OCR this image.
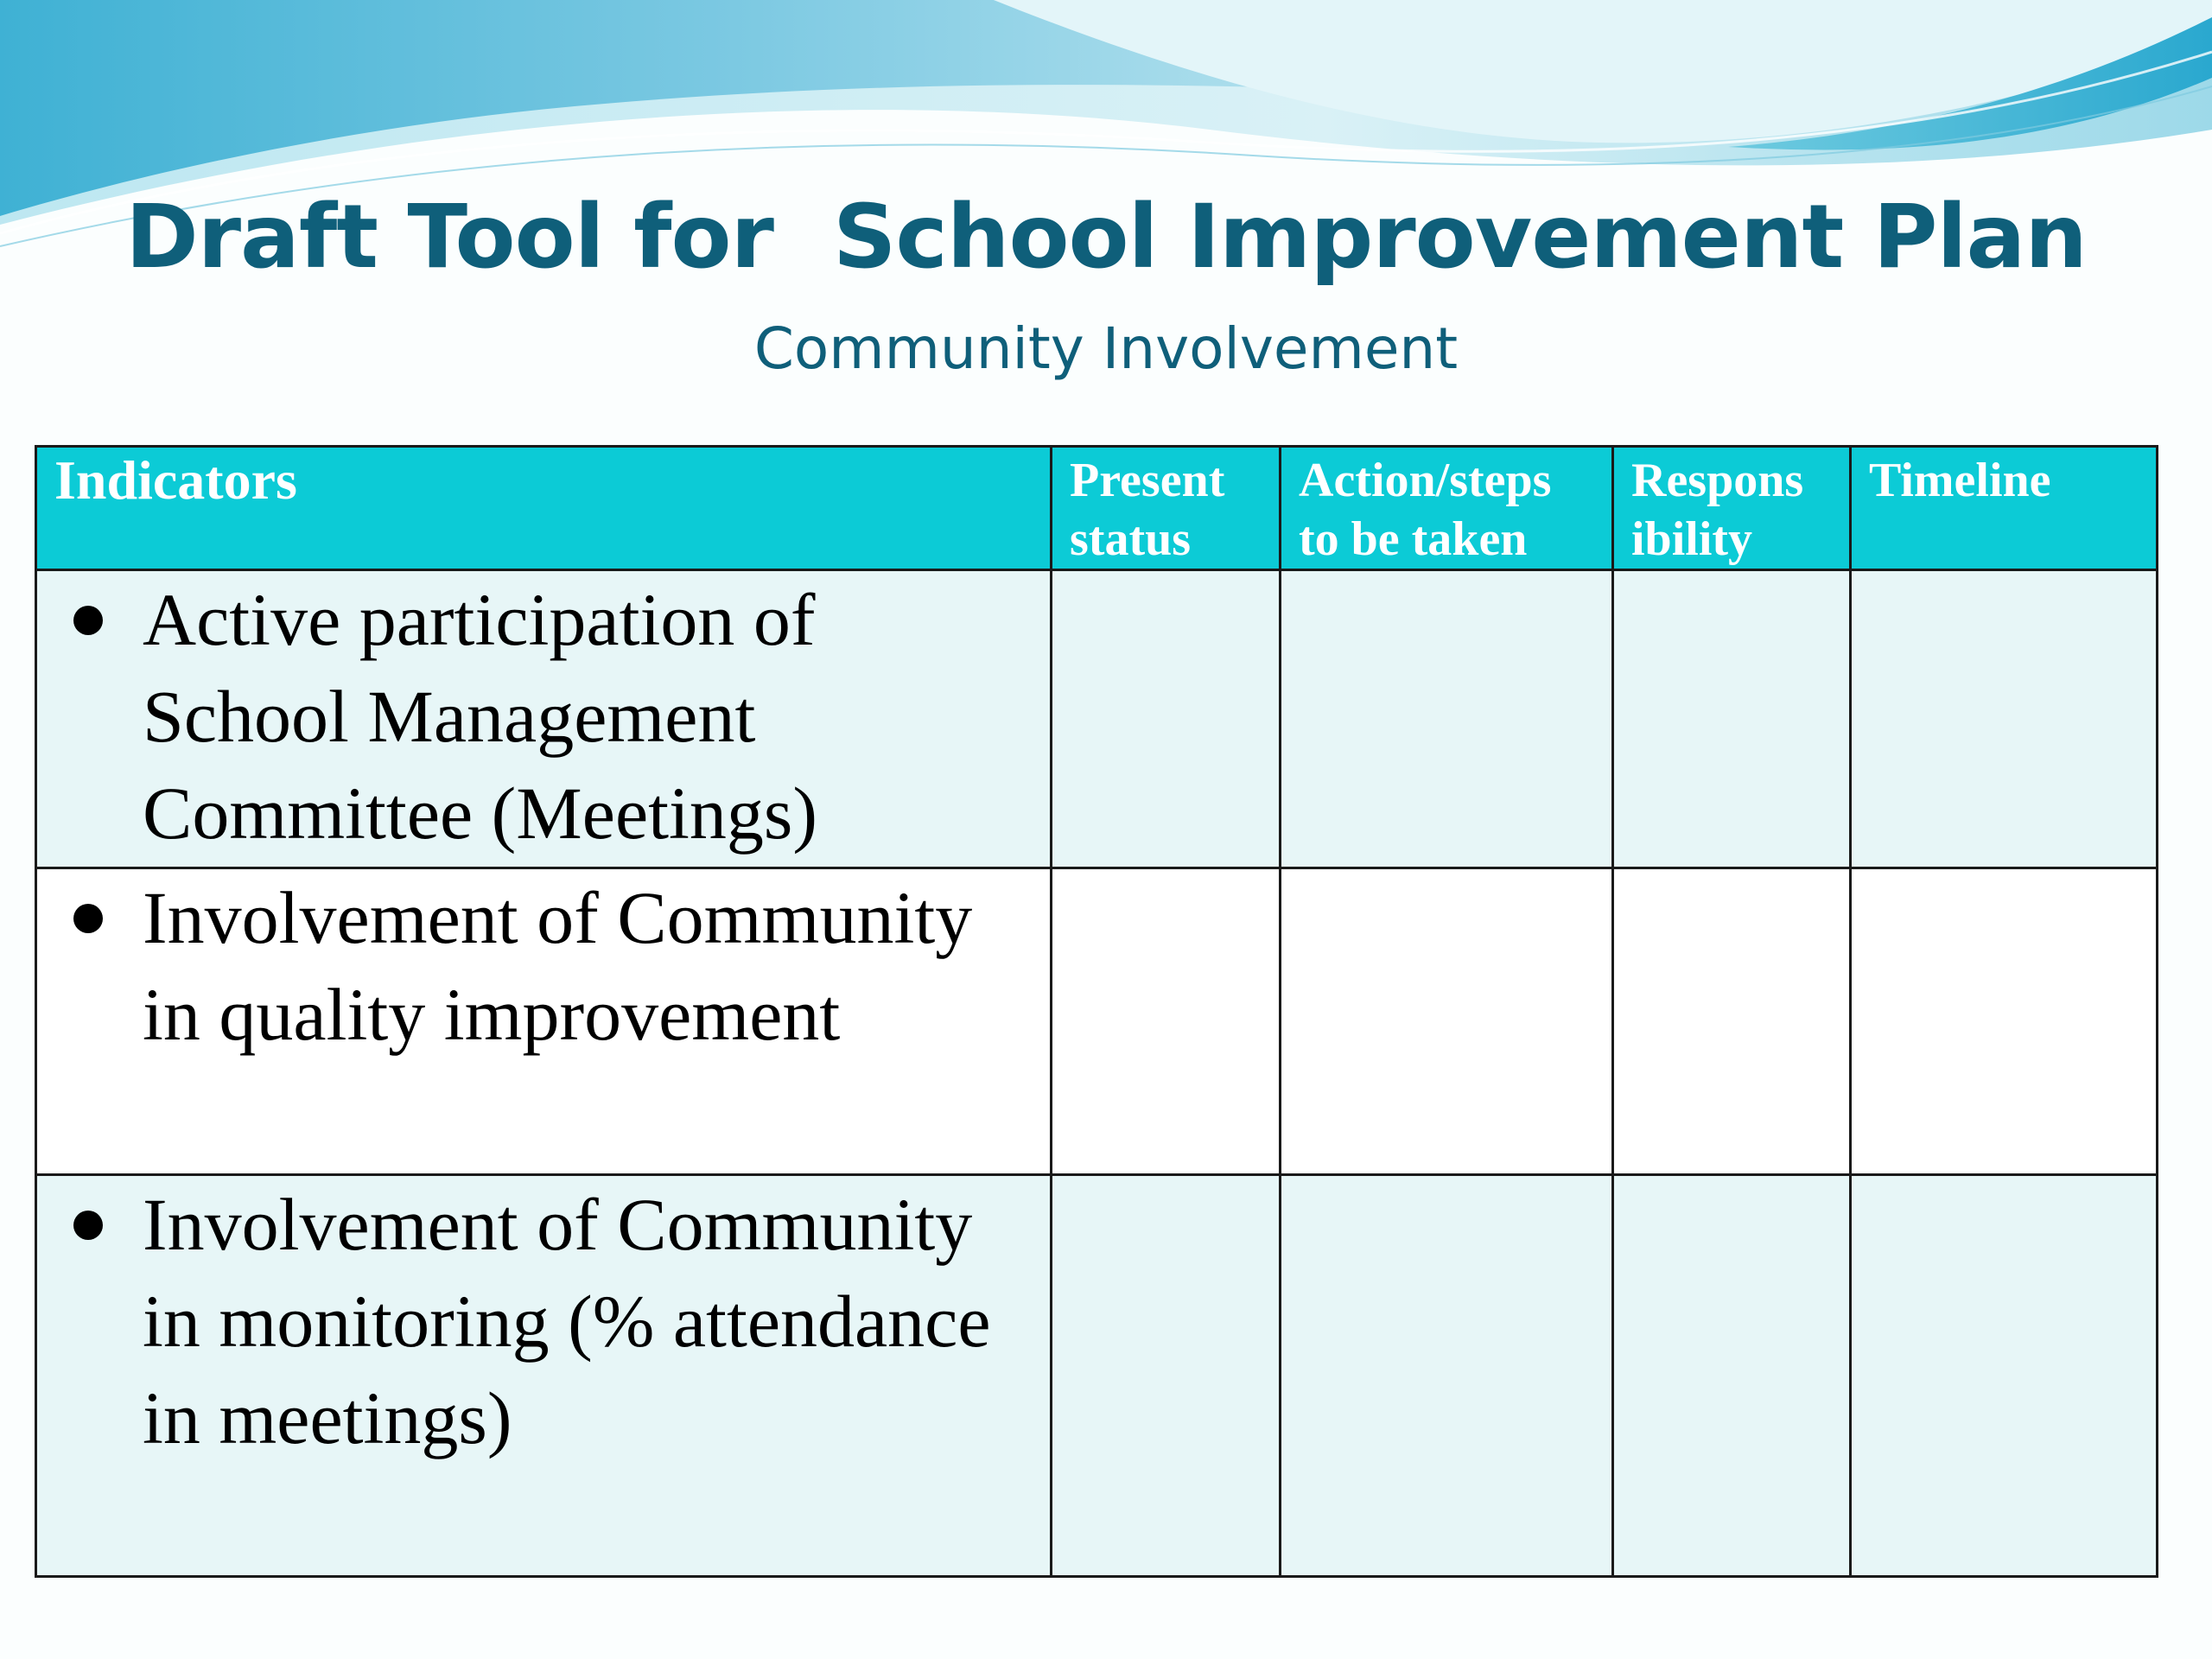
Draft Tool for  School Improvement Plan
Community Involvement
Indicators	Present status	Action/steps to be taken	Respons ibility	Timeline

Active participation of School Management Committee (Meetings)				

Involvement of Community in quality improvement				

Involvement of Community in monitoring (% attendance in meetings)				
